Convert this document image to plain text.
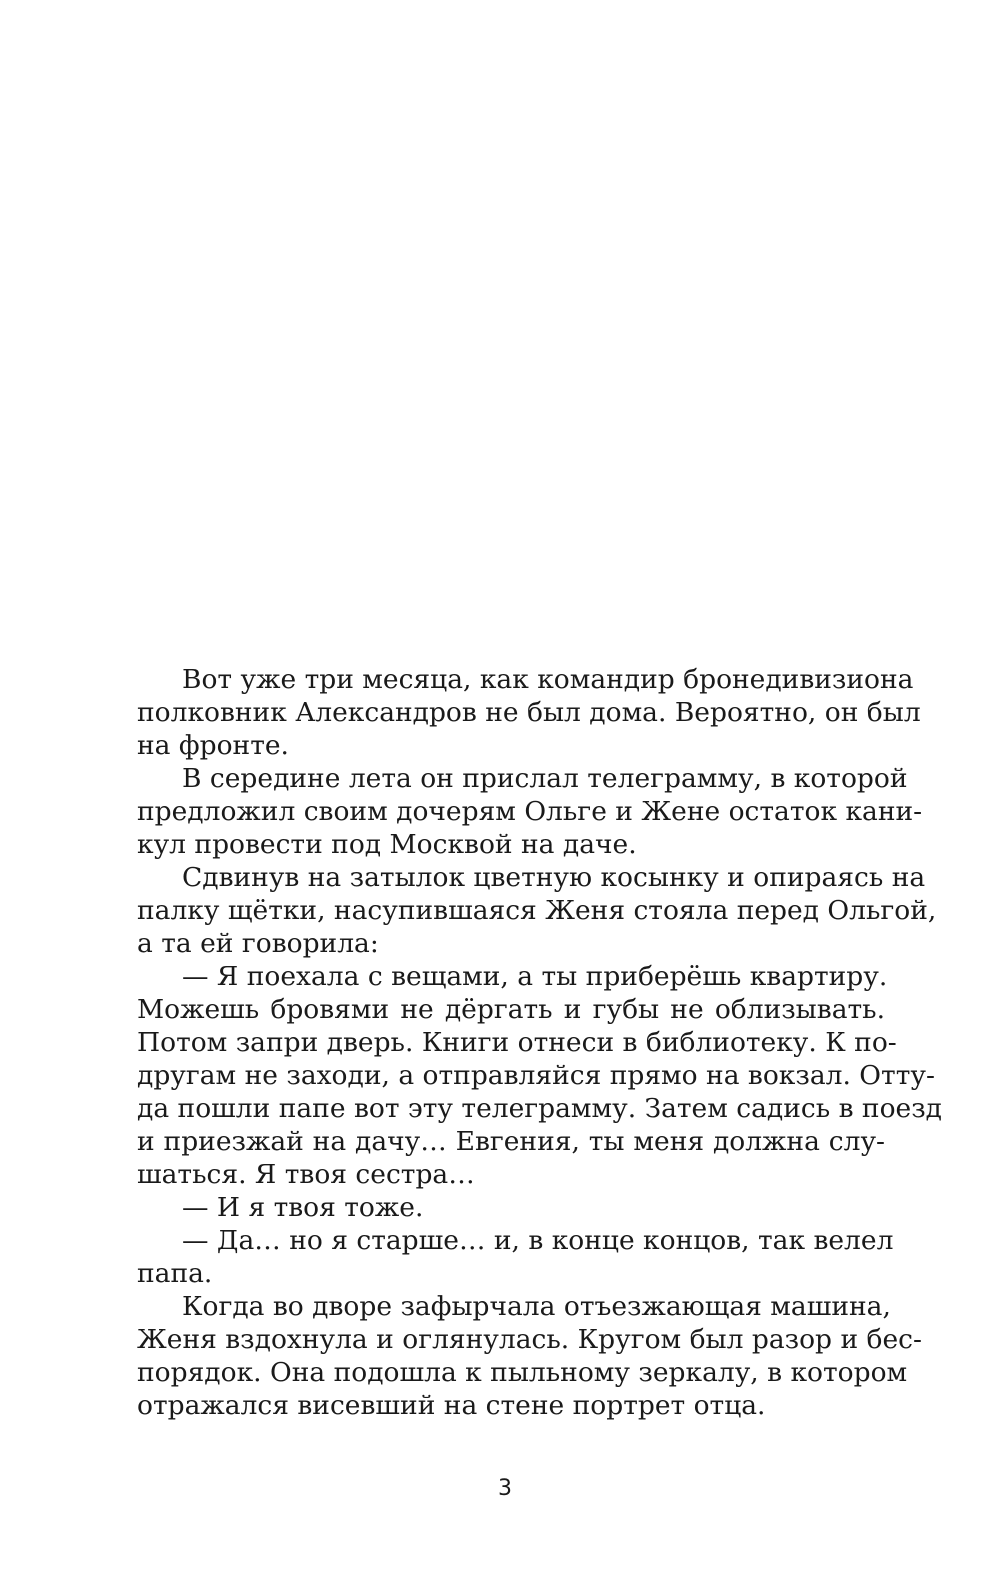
Вот уже три месяца, как командир бронедивизиона
полковник Александров не был дома. Вероятно, он был
на фронте.
В середине лета он прислал телеграмму, в которой
предложил своим дочерям Ольге и Жене остаток кани-
кул провести под Москвой на даче.
Сдвинув на затылок цветную косынку и опираясь на
палку щётки, насупившаяся Женя стояла перед Ольгой,
а та ей говорила:
— Я поехала с вещами, а ты приберёшь квартиру.
Можешь бровями не дёргать и губы не облизывать.
Потом запри дверь. Книги отнеси в библиотеку. К по-
другам не заходи, а отправляйся прямо на вокзал. Отту-
да пошли папе вот эту телеграмму. Затем садись в поезд
и приезжай на дачу… Евгения, ты меня должна слу-
шаться. Я твоя сестра…
— И я твоя тоже.
— Да… но я старше… и, в конце концов, так велел
папа.
Когда во дворе зафырчала отъезжающая машина,
Женя вздохнула и оглянулась. Кругом был разор и бес-
порядок. Она подошла к пыльному зеркалу, в котором
отражался висевший на стене портрет отца.
3
